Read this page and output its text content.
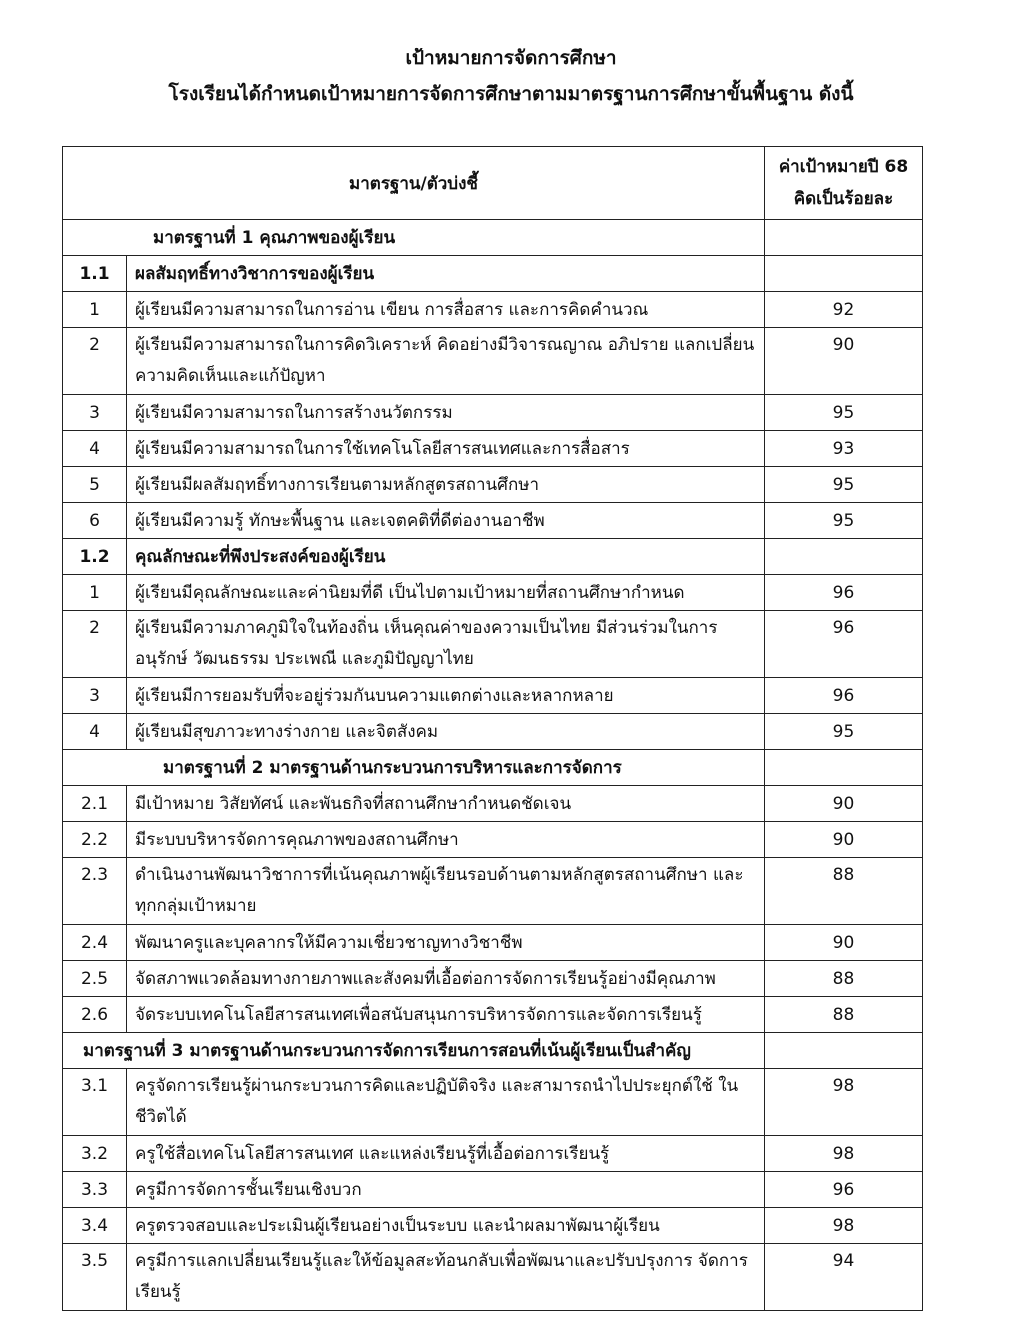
เป้าหมายการจัดการศึกษา
โรงเรียนได้กำหนดเป้าหมายการจัดการศึกษาตามมาตรฐานการศึกษาขั้นพื้นฐาน ดังนี้
มาตรฐาน/ตัวบ่งชี้		ค่าเป้าหมายปี 68
คิดเป็นร้อยละ

มาตรฐานที่ 1 คุณภาพของผู้เรียน		
1.1	ผลสัมฤทธิ์ทางวิชาการของผู้เรียน	
1	ผู้เรียนมีความสามารถในการอ่าน เขียน การสื่อสาร และการคิดคำนวณ	92
2	ผู้เรียนมีความสามารถในการคิดวิเคราะห์ คิดอย่างมีวิจารณญาณ อภิปราย แลกเปลี่ยนความคิดเห็นและแก้ปัญหา	90
3	ผู้เรียนมีความสามารถในการสร้างนวัตกรรม	95
4	ผู้เรียนมีความสามารถในการใช้เทคโนโลยีสารสนเทศและการสื่อสาร	93
5	ผู้เรียนมีผลสัมฤทธิ์ทางการเรียนตามหลักสูตรสถานศึกษา	95
6	ผู้เรียนมีความรู้ ทักษะพื้นฐาน และเจตคติที่ดีต่องานอาชีพ	95
1.2	คุณลักษณะที่พึงประสงค์ของผู้เรียน	
1	ผู้เรียนมีคุณลักษณะและค่านิยมที่ดี เป็นไปตามเป้าหมายที่สถานศึกษากำหนด	96
2	ผู้เรียนมีความภาคภูมิใจในท้องถิ่น เห็นคุณค่าของความเป็นไทย มีส่วนร่วมในการ อนุรักษ์ วัฒนธรรม ประเพณี และภูมิปัญญาไทย	96
3	ผู้เรียนมีการยอมรับที่จะอยู่ร่วมกันบนความแตกต่างและหลากหลาย	96
4	ผู้เรียนมีสุขภาวะทางร่างกาย และจิตสังคม	95
มาตรฐานที่ 2 มาตรฐานด้านกระบวนการบริหารและการจัดการ		
2.1	มีเป้าหมาย วิสัยทัศน์ และพันธกิจที่สถานศึกษากำหนดชัดเจน	90
2.2	มีระบบบริหารจัดการคุณภาพของสถานศึกษา	90
2.3	ดำเนินงานพัฒนาวิชาการที่เน้นคุณภาพผู้เรียนรอบด้านตามหลักสูตรสถานศึกษา และทุกกลุ่มเป้าหมาย	88
2.4	พัฒนาครูและบุคลากรให้มีความเชี่ยวชาญทางวิชาชีพ	90
2.5	จัดสภาพแวดล้อมทางกายภาพและสังคมที่เอื้อต่อการจัดการเรียนรู้อย่างมีคุณภาพ	88
2.6	จัดระบบเทคโนโลยีสารสนเทศเพื่อสนับสนุนการบริหารจัดการและจัดการเรียนรู้	88
มาตรฐานที่ 3 มาตรฐานด้านกระบวนการจัดการเรียนการสอนที่เน้นผู้เรียนเป็นสำคัญ		
3.1	ครูจัดการเรียนรู้ผ่านกระบวนการคิดและปฏิบัติจริง และสามารถนำไปประยุกต์ใช้ ในชีวิตได้	98
3.2	ครูใช้สื่อเทคโนโลยีสารสนเทศ และแหล่งเรียนรู้ที่เอื้อต่อการเรียนรู้	98
3.3	ครูมีการจัดการชั้นเรียนเชิงบวก	96
3.4	ครูตรวจสอบและประเมินผู้เรียนอย่างเป็นระบบ และนำผลมาพัฒนาผู้เรียน	98
3.5	ครูมีการแลกเปลี่ยนเรียนรู้และให้ข้อมูลสะท้อนกลับเพื่อพัฒนาและปรับปรุงการ จัดการเรียนรู้	94
